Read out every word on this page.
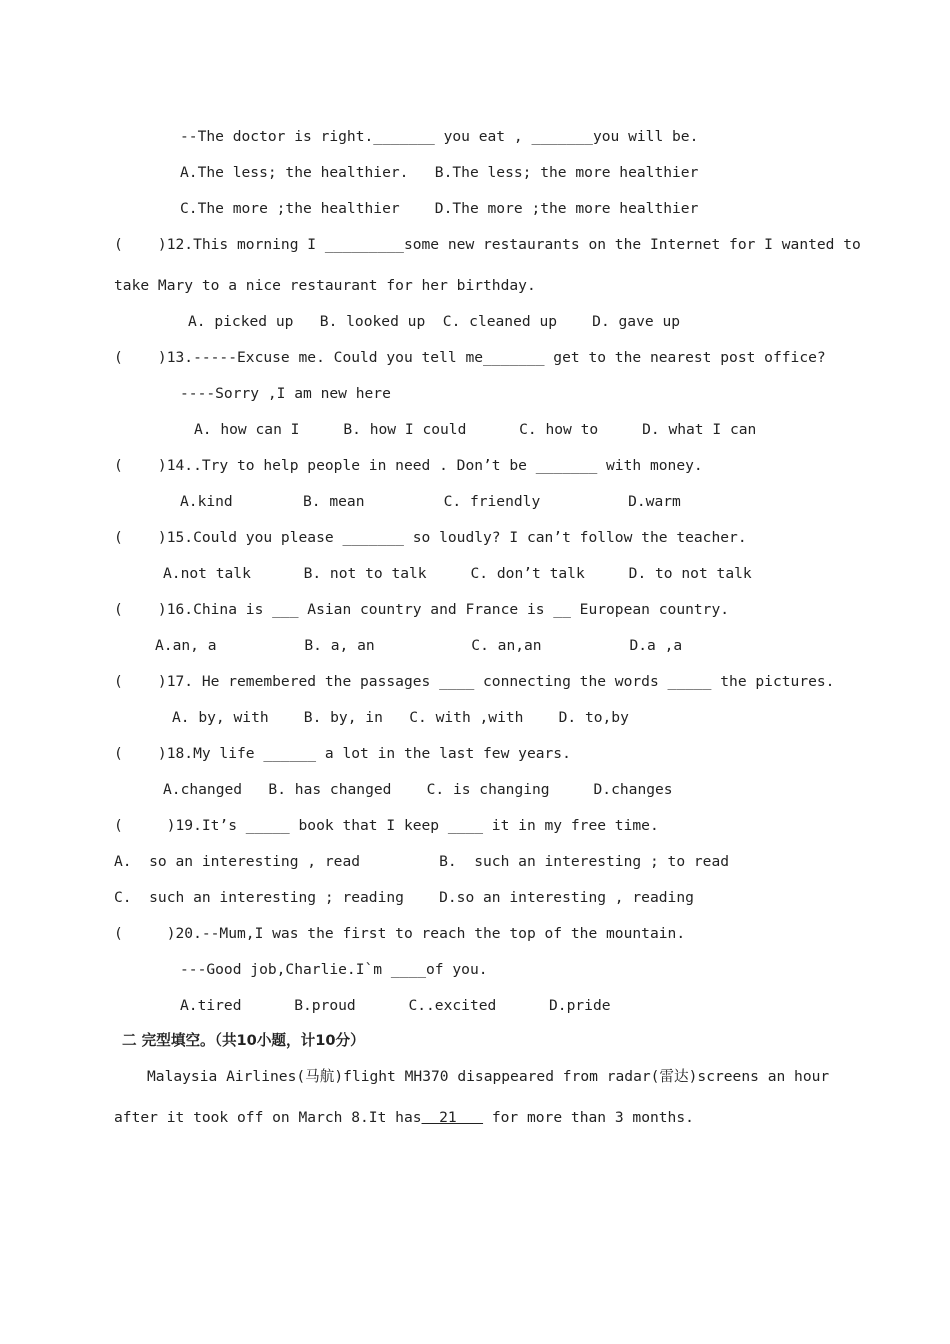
--The doctor is right._______ you eat , _______you will be.
A.The less; the healthier.   B.The less; the more healthier
C.The more ;the healthier    D.The more ;the more healthier
(    )12.This morning I _________some new restaurants on the Internet for I wanted to
take Mary to a nice restaurant for her birthday.
A. picked up   B. looked up  C. cleaned up    D. gave up
(    )13.-----Excuse me. Could you tell me_______ get to the nearest post office?
----Sorry ,I am new here
A. how can I     B. how I could      C. how to     D. what I can
(    )14..Try to help people in need . Don’t be _______ with money.
A.kind        B. mean         C. friendly          D.warm
(    )15.Could you please _______ so loudly? I can’t follow the teacher.
A.not talk      B. not to talk     C. don’t talk     D. to not talk
(    )16.China is ___ Asian country and France is __ European country.
A.an, a          B. a, an           C. an,an          D.a ,a
(    )17. He remembered the passages ____ connecting the words _____ the pictures.
A. by, with    B. by, in   C. with ,with    D. to,by
(    )18.My life ______ a lot in the last few years.
A.changed   B. has changed    C. is changing     D.changes
(     )19.It’s _____ book that I keep ____ it in my free time.
A.  so an interesting , read         B.  such an interesting ; to read
C.  such an interesting ; reading    D.so an interesting , reading
(     )20.--Mum,I was the first to reach the top of the mountain.
---Good job,Charlie.I`m ____of you.
A.tired      B.proud      C..excited      D.pride
二 完型填空。（共10小题，计10分）
Malaysia Airlines(马航)flight MH370 disappeared from radar(雷达)screens an hour
after it took off on March 8.It has  21    for more than 3 months.
